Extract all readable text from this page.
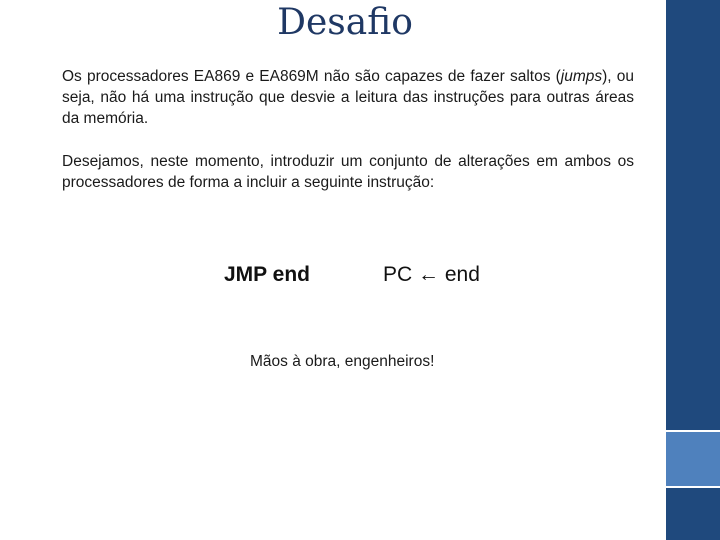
Desafio
Os processadores EA869 e EA869M não são capazes de fazer saltos (jumps), ou seja, não há uma instrução que desvie a leitura das instruções para outras áreas da memória.
Desejamos, neste momento, introduzir um conjunto de alterações em ambos os processadores de forma a incluir a seguinte instrução:
JMP end	PC ← end
Mãos à obra, engenheiros!
